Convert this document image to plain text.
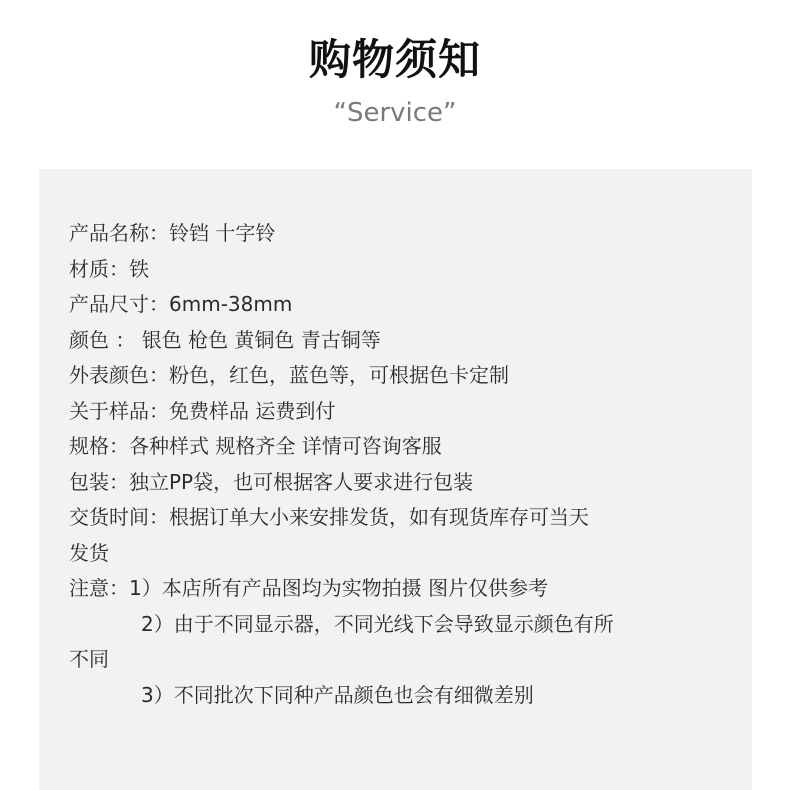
购物须知
“Service”

产品名称：铃铛 十字铃

材质：铁

产品尺寸：6mm-38mm

颜色 ： 银色 枪色 黄铜色 青古铜等

外表颜色：粉色，红色，蓝色等，可根据色卡定制

关于样品：免费样品 运费到付

规格：各种样式 规格齐全 详情可咨询客服

包装：独立PP袋，也可根据客人要求进行包装

交货时间：根据订单大小来安排发货，如有现货库存可当天

发货

注意：1）本店所有产品图均为实物拍摄 图片仅供参考

2）由于不同显示器，不同光线下会导致显示颜色有所

不同

3）不同批次下同种产品颜色也会有细微差别
